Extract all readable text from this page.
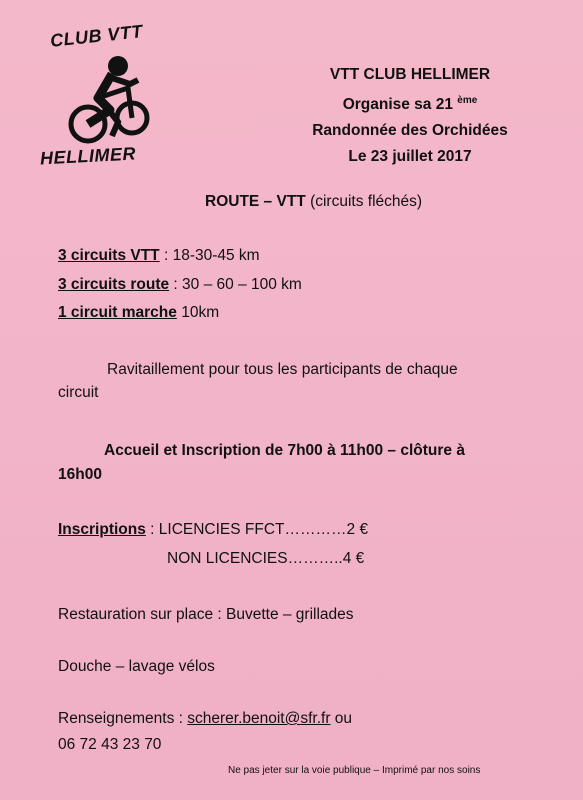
CLUB VTT
HELLIMER
VTT CLUB HELLIMER
Organise sa 21 $^{ème}$
Randonnée des Orchidées
Le 23 juillet 2017
ROUTE – VTT (circuits fléchés)
3 circuits VTT : 18-30-45 km
3 circuits route : 30 – 60 – 100 km
1 circuit marche 10km
Ravitaillement pour tous les participants de chaque
circuit
Accueil et Inscription de 7h00 à 11h00 – clôture à
16h00
Inscriptions : LICENCIES FFCT…………2 €
NON LICENCIES………..4 €
Restauration sur place : Buvette – grillades
Douche – lavage vélos
Renseignements : scherer.benoit@sfr.fr ou
06 72 43 23 70
Ne pas jeter sur la voie publique – Imprimé par nos soins
